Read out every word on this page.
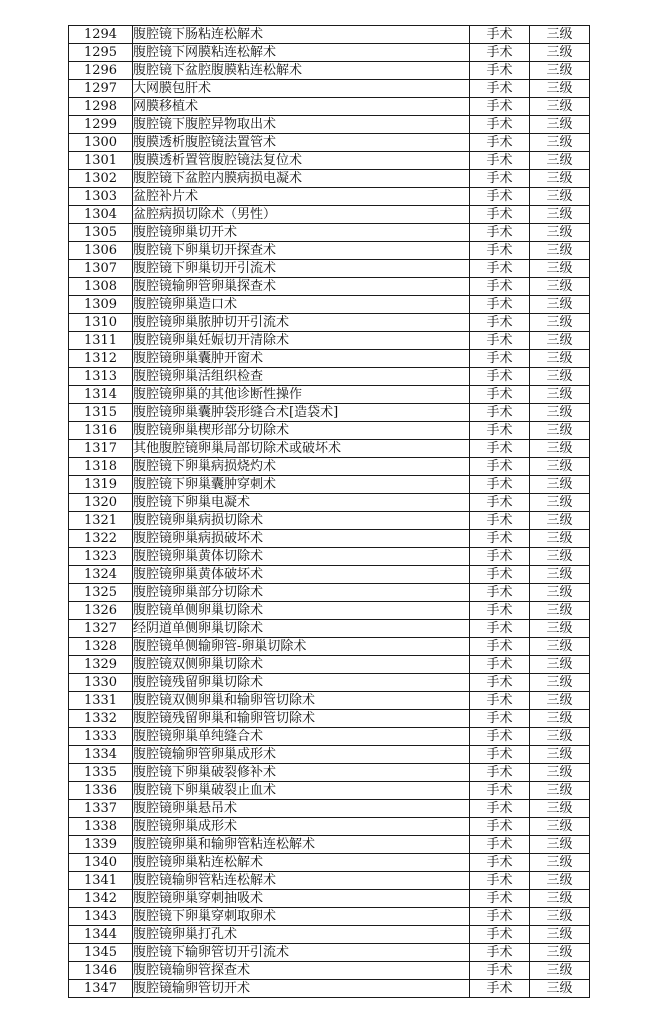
1294	腹腔镜下肠粘连松解术	手术	三级
1295	腹腔镜下网膜粘连松解术	手术	三级
1296	腹腔镜下盆腔腹膜粘连松解术	手术	三级
1297	大网膜包肝术	手术	三级
1298	网膜移植术	手术	三级
1299	腹腔镜下腹腔异物取出术	手术	三级
1300	腹膜透析腹腔镜法置管术	手术	三级
1301	腹膜透析置管腹腔镜法复位术	手术	三级
1302	腹腔镜下盆腔内膜病损电凝术	手术	三级
1303	盆腔补片术	手术	三级
1304	盆腔病损切除术（男性）	手术	三级
1305	腹腔镜卵巢切开术	手术	三级
1306	腹腔镜下卵巢切开探查术	手术	三级
1307	腹腔镜下卵巢切开引流术	手术	三级
1308	腹腔镜输卵管卵巢探查术	手术	三级
1309	腹腔镜卵巢造口术	手术	三级
1310	腹腔镜卵巢脓肿切开引流术	手术	三级
1311	腹腔镜卵巢妊娠切开清除术	手术	三级
1312	腹腔镜卵巢囊肿开窗术	手术	三级
1313	腹腔镜卵巢活组织检查	手术	三级
1314	腹腔镜卵巢的其他诊断性操作	手术	三级
1315	腹腔镜卵巢囊肿袋形缝合术[造袋术]	手术	三级
1316	腹腔镜卵巢楔形部分切除术	手术	三级
1317	其他腹腔镜卵巢局部切除术或破坏术	手术	三级
1318	腹腔镜下卵巢病损烧灼术	手术	三级
1319	腹腔镜下卵巢囊肿穿刺术	手术	三级
1320	腹腔镜下卵巢电凝术	手术	三级
1321	腹腔镜卵巢病损切除术	手术	三级
1322	腹腔镜卵巢病损破坏术	手术	三级
1323	腹腔镜卵巢黄体切除术	手术	三级
1324	腹腔镜卵巢黄体破坏术	手术	三级
1325	腹腔镜卵巢部分切除术	手术	三级
1326	腹腔镜单侧卵巢切除术	手术	三级
1327	经阴道单侧卵巢切除术	手术	三级
1328	腹腔镜单侧输卵管-卵巢切除术	手术	三级
1329	腹腔镜双侧卵巢切除术	手术	三级
1330	腹腔镜残留卵巢切除术	手术	三级
1331	腹腔镜双侧卵巢和输卵管切除术	手术	三级
1332	腹腔镜残留卵巢和输卵管切除术	手术	三级
1333	腹腔镜卵巢单纯缝合术	手术	三级
1334	腹腔镜输卵管卵巢成形术	手术	三级
1335	腹腔镜下卵巢破裂修补术	手术	三级
1336	腹腔镜下卵巢破裂止血术	手术	三级
1337	腹腔镜卵巢悬吊术	手术	三级
1338	腹腔镜卵巢成形术	手术	三级
1339	腹腔镜卵巢和输卵管粘连松解术	手术	三级
1340	腹腔镜卵巢粘连松解术	手术	三级
1341	腹腔镜输卵管粘连松解术	手术	三级
1342	腹腔镜卵巢穿刺抽吸术	手术	三级
1343	腹腔镜下卵巢穿刺取卵术	手术	三级
1344	腹腔镜卵巢打孔术	手术	三级
1345	腹腔镜下输卵管切开引流术	手术	三级
1346	腹腔镜输卵管探查术	手术	三级
1347	腹腔镜输卵管切开术	手术	三级
